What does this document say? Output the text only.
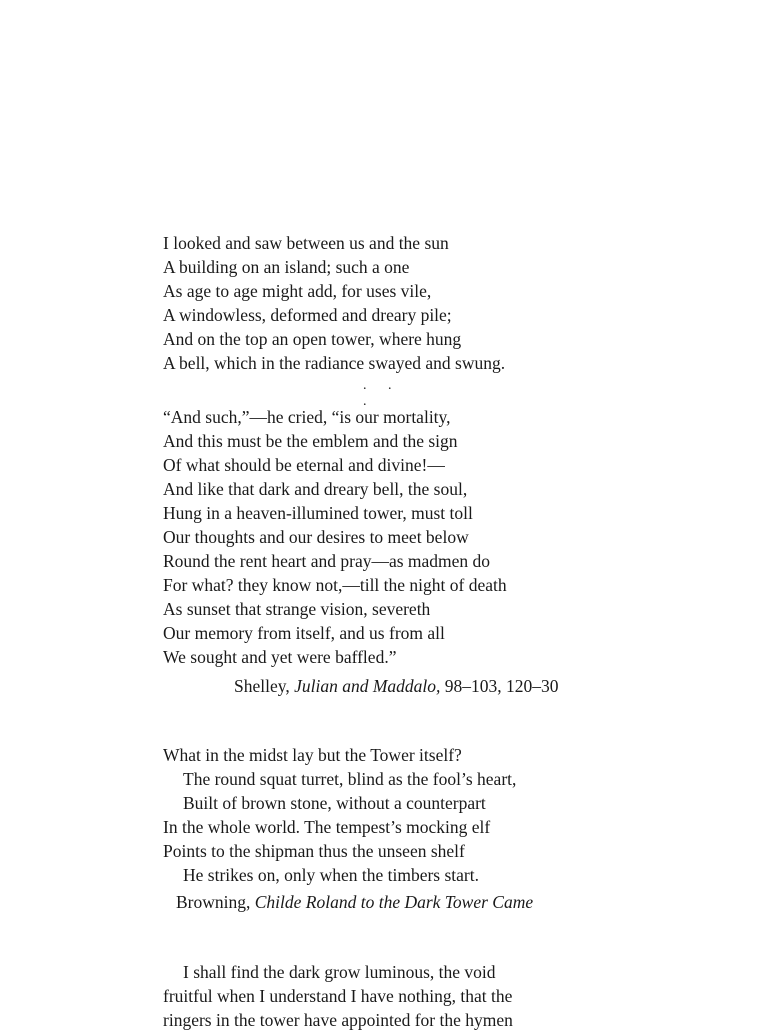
I looked and saw between us and the sun
A building on an island; such a one
As age to age might add, for uses vile,
A windowless, deformed and dreary pile;
And on the top an open tower, where hung
A bell, which in the radiance swayed and swung.
. . .
“And such,”—he cried, “is our mortality,
And this must be the emblem and the sign
Of what should be eternal and divine!—
And like that dark and dreary bell, the soul,
Hung in a heaven-illumined tower, must toll
Our thoughts and our desires to meet below
Round the rent heart and pray—as madmen do
For what? they know not,—till the night of death
As sunset that strange vision, severeth
Our memory from itself, and us from all
We sought and yet were baffled.”
Shelley, Julian and Maddalo, 98–103, 120–30
What in the midst lay but the Tower itself?
The round squat turret, blind as the fool’s heart,
Built of brown stone, without a counterpart
In the whole world. The tempest’s mocking elf
Points to the shipman thus the unseen shelf
He strikes on, only when the timbers start.
Browning, Childe Roland to the Dark Tower Came
I shall find the dark grow luminous, the void
fruitful when I understand I have nothing, that the
ringers in the tower have appointed for the hymen
